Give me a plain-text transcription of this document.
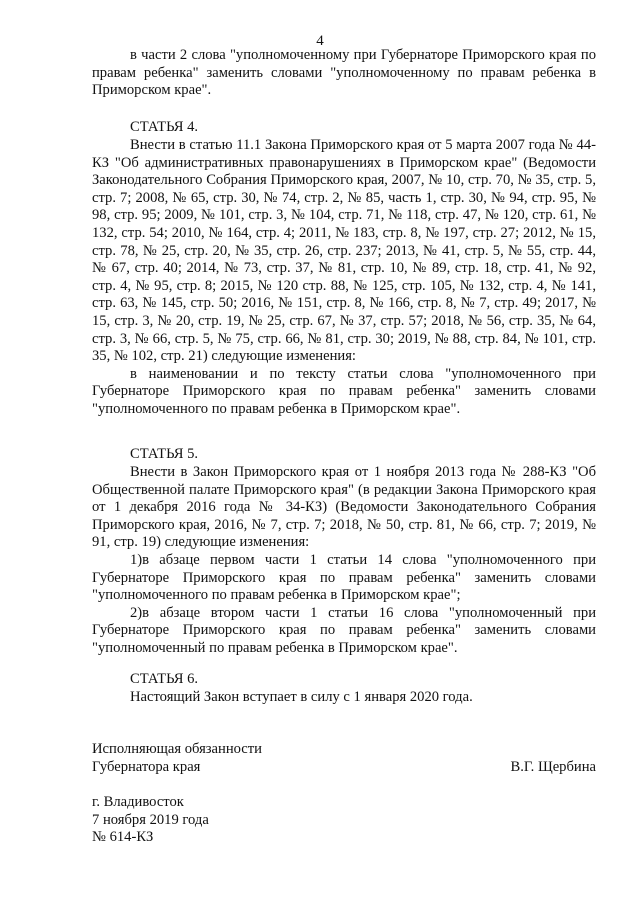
4

в части 2 слова "уполномоченному при Губернаторе Приморского края по правам ребенка" заменить словами "уполномоченному по правам ребенка в Приморском крае".

СТАТЬЯ 4.

Внести в статью 11.1 Закона Приморского края от 5 марта 2007 года № 44-КЗ "Об административных правонарушениях в Приморском крае" (Ведомости Законодательного Собрания Приморского края, 2007, № 10, стр. 70, № 35, стр. 5, стр. 7; 2008, № 65, стр. 30, № 74, стр. 2, № 85, часть 1, стр. 30, № 94, стр. 95, № 98, стр. 95; 2009, № 101, стр. 3, № 104, стр. 71, № 118, стр. 47, № 120, стр. 61, № 132, стр. 54; 2010, № 164, стр. 4; 2011, № 183, стр. 8, № 197, стр. 27; 2012, № 15, стр. 78, № 25, стр. 20, № 35, стр. 26, стр. 237; 2013, № 41, стр. 5, № 55, стр. 44, № 67, стр. 40; 2014, № 73, стр. 37, № 81, стр. 10, № 89, стр. 18, стр. 41, № 92, стр. 4, № 95, стр. 8; 2015, № 120 стр. 88, № 125, стр. 105, № 132, стр. 4, № 141, стр. 63, № 145, стр. 50; 2016, № 151, стр. 8, № 166, стр. 8, № 7, стр. 49; 2017, № 15, стр. 3, № 20, стр. 19, № 25, стр. 67, № 37, стр. 57; 2018, № 56, стр. 35, № 64, стр. 3, № 66, стр. 5, № 75, стр. 66, № 81, стр. 30; 2019, № 88, стр. 84, № 101, стр. 35, № 102, стр. 21) следующие изменения:

в наименовании и по тексту статьи слова "уполномоченного при Губернаторе Приморского края по правам ребенка" заменить словами "уполномоченного по правам ребенка в Приморском крае".

СТАТЬЯ 5.

Внести в Закон Приморского края от 1 ноября 2013 года № 288-КЗ "Об Общественной палате Приморского края" (в редакции Закона Приморского края от 1 декабря 2016 года № 34-КЗ) (Ведомости Законодательного Собрания Приморского края, 2016, № 7, стр. 7; 2018, № 50, стр. 81, № 66, стр. 7; 2019, № 91, стр. 19) следующие изменения:

1)в абзаце первом части 1 статьи 14 слова "уполномоченного при Губернаторе Приморского края по правам ребенка" заменить словами "уполномоченного по правам ребенка в Приморском крае";

2)в абзаце втором части 1 статьи 16 слова "уполномоченный при Губернаторе Приморского края по правам ребенка" заменить словами "уполномоченный по правам ребенка в Приморском крае".

СТАТЬЯ 6.

Настоящий Закон вступает в силу с 1 января 2020 года.

Исполняющая обязанности
Губернатора края	В.Г. Щербина
г. Владивосток
7 ноября 2019 года
№ 614-КЗ
